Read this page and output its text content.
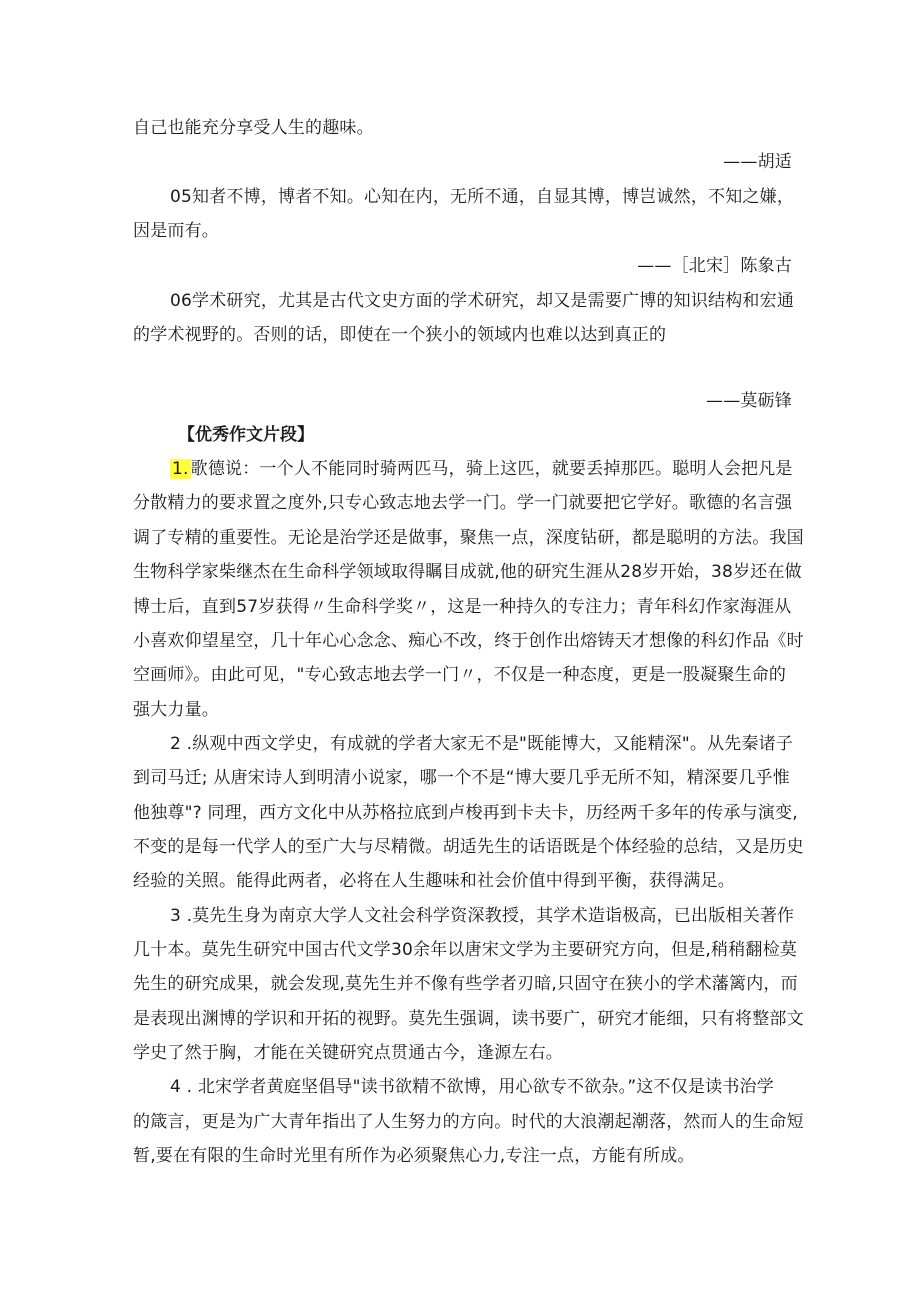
自己也能充分享受人生的趣味。
——胡适
05知者不博，博者不知。心知在内，无所不通，自显其博，博岂诚然，不知之嫌，
因是而有。
——［北宋］陈象古
06学术研究，尤其是古代文史方面的学术研究，却又是需要广博的知识结构和宏通
的学术视野的。否则的话，即使在一个狭小的领域内也难以达到真正的
——莫砺锋
【优秀作文片段】
1. 歌德说：一个人不能同时骑两匹马，骑上这匹，就要丢掉那匹。聪明人会把凡是
分散精力的要求置之度外,只专心致志地去学一门。学一门就要把它学好。歌德的名言强
调了专精的重要性。无论是治学还是做事，聚焦一点，深度钻研，都是聪明的方法。我国
生物科学家柴继杰在生命科学领域取得瞩目成就,他的研究生涯从28岁开始，38岁还在做
博士后，直到57岁获得〃生命科学奖〃，这是一种持久的专注力；青年科幻作家海涯从
小喜欢仰望星空，几十年心心念念、痴心不改，终于创作出熔铸天才想像的科幻作品《时
空画师》。由此可见，"专心致志地去学一门〃，不仅是一种态度，更是一股凝聚生命的
强大力量。
2 .纵观中西文学史，有成就的学者大家无不是"既能博大，又能精深"。从先秦诸子
到司马迁; 从唐宋诗人到明清小说家，哪一个不是“博大要几乎无所不知，精深要几乎惟
他独尊"? 同理，西方文化中从苏格拉底到卢梭再到卡夫卡，历经两千多年的传承与演变,
不变的是每一代学人的至广大与尽精微。胡适先生的话语既是个体经验的总结，又是历史
经验的关照。能得此两者，必将在人生趣味和社会价值中得到平衡，获得满足。
3 .莫先生身为南京大学人文社会科学资深教授，其学术造诣极高，已出版相关著作
几十本。莫先生研究中国古代文学30余年以唐宋文学为主要研究方向，但是,稍稍翻检莫
先生的研究成果，就会发现,莫先生并不像有些学者刃暗,只固守在狭小的学术藩篱内，而
是表现出渊博的学识和开拓的视野。莫先生强调，读书要广，研究才能细，只有将整部文
学史了然于胸，才能在关键研究点贯通古今，逢源左右。
4 . 北宋学者黄庭坚倡导"读书欲精不欲博，用心欲专不欲杂。”这不仅是读书治学
的箴言，更是为广大青年指出了人生努力的方向。时代的大浪潮起潮落，然而人的生命短
暂,要在有限的生命时光里有所作为必须聚焦心力,专注一点，方能有所成。
